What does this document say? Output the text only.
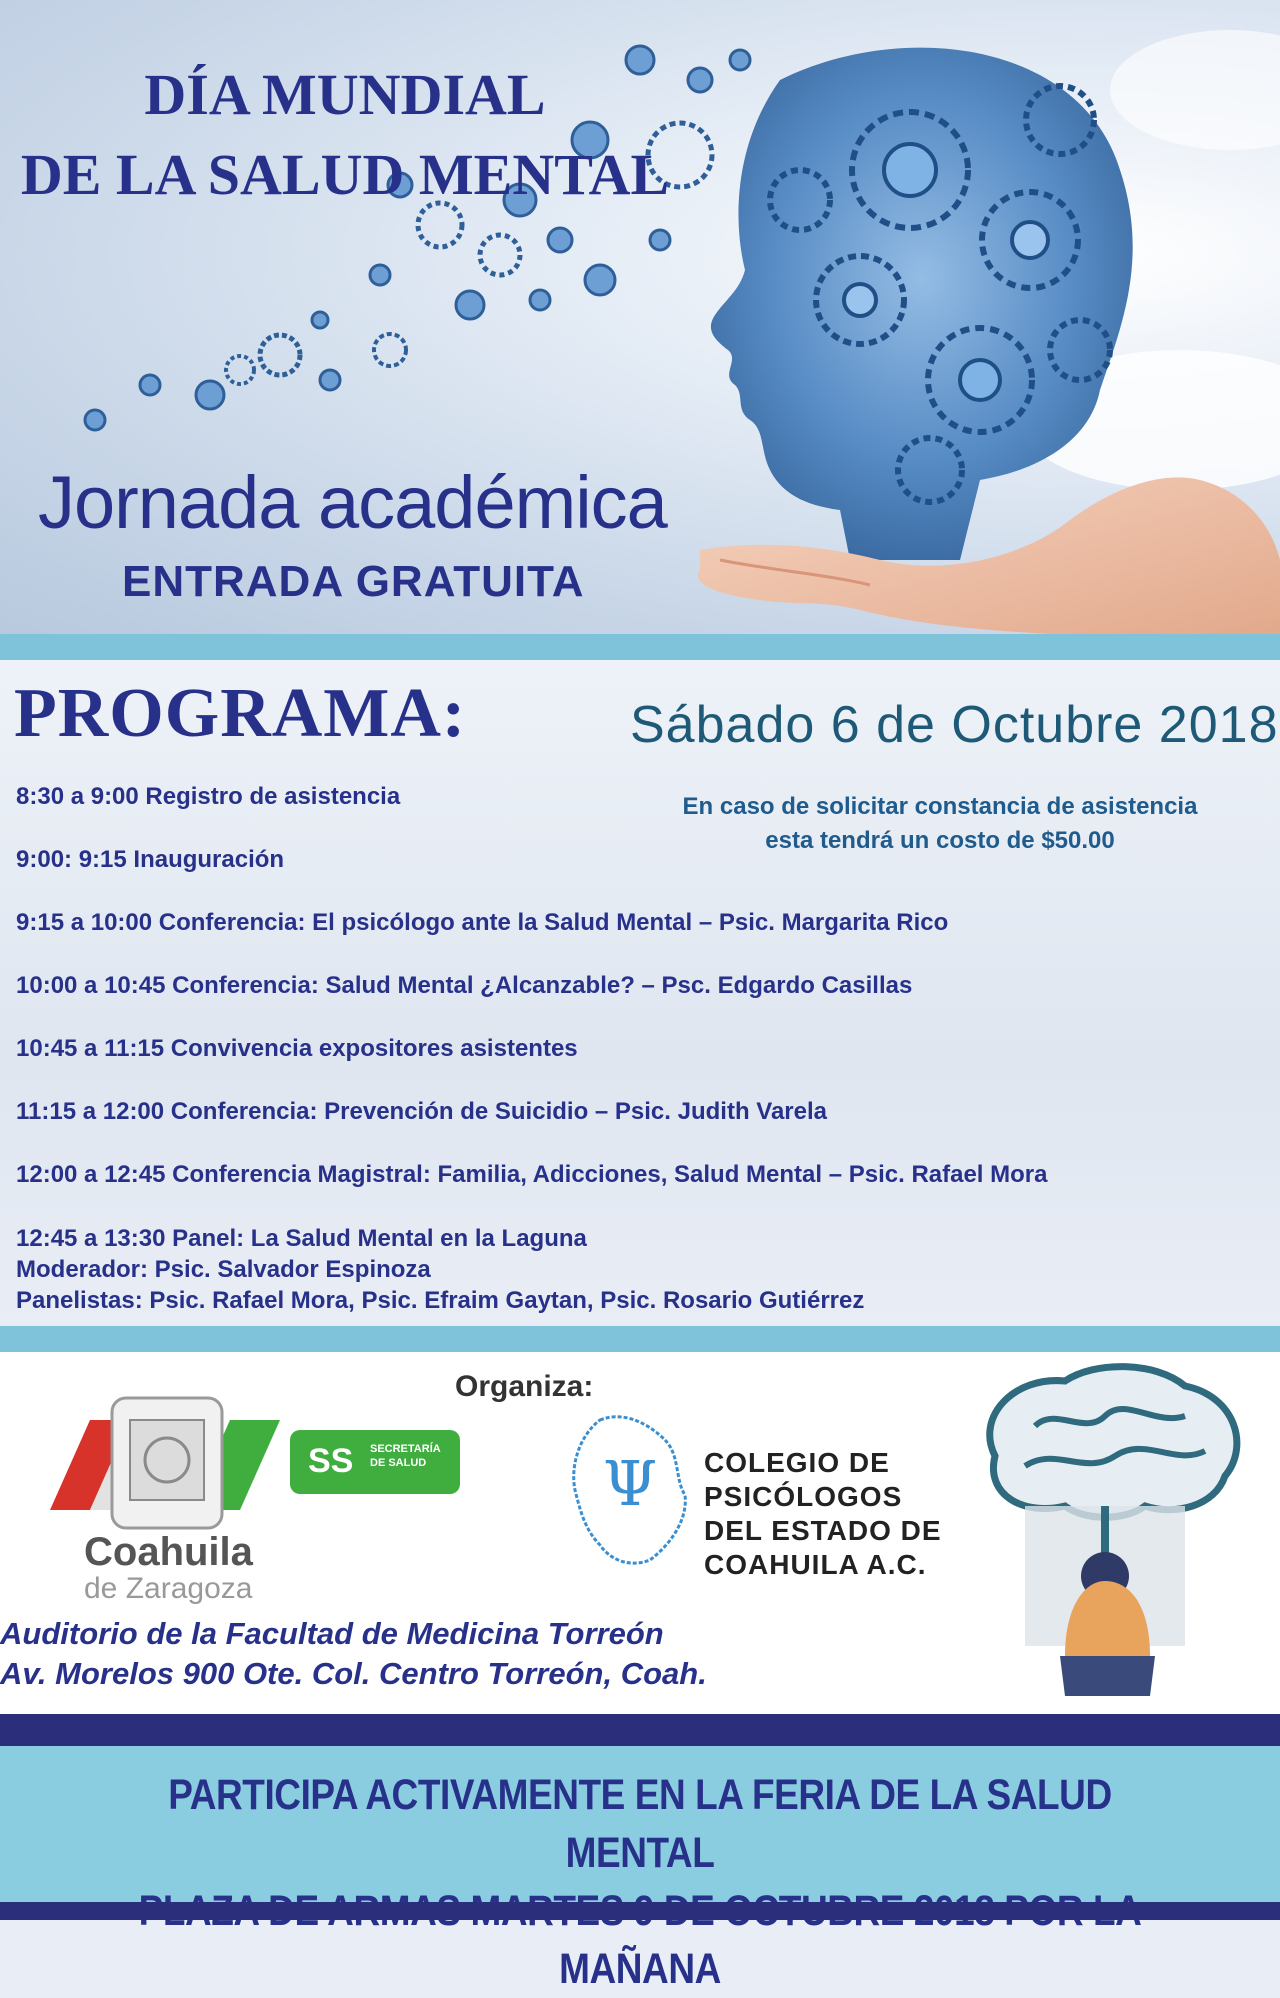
DÍA MUNDIAL
DE LA SALUD MENTAL
Jornada académica
ENTRADA GRATUITA
PROGRAMA:	Sábado 6 de Octubre 2018
En caso de solicitar constancia de asistencia
esta tendrá un costo de $50.00
8:30 a 9:00 Registro de asistencia
9:00: 9:15 Inauguración
9:15 a 10:00 Conferencia: El psicólogo ante la Salud Mental – Psic. Margarita Rico
10:00 a 10:45 Conferencia: Salud Mental ¿Alcanzable? – Psc. Edgardo Casillas
10:45 a 11:15 Convivencia expositores asistentes
11:15 a 12:00 Conferencia: Prevención de Suicidio – Psic. Judith Varela
12:00 a 12:45 Conferencia Magistral: Familia, Adicciones, Salud Mental – Psic. Rafael Mora
12:45 a 13:30 Panel: La Salud Mental en la Laguna
Moderador: Psic. Salvador Espinoza
Panelistas: Psic. Rafael Mora, Psic. Efraim Gaytan, Psic. Rosario Gutiérrez
Organiza:
Coahuila
de Zaragoza
SS SECRETARÍA
DE SALUD	Ψ COLEGIO DE
PSICÓLOGOS
DEL ESTADO DE
COAHUILA A.C.
Auditorio de la Facultad de Medicina Torreón
Av. Morelos 900 Ote. Col. Centro Torreón, Coah.
PARTICIPA ACTIVAMENTE EN LA FERIA DE LA SALUD MENTAL
MAÑANA
